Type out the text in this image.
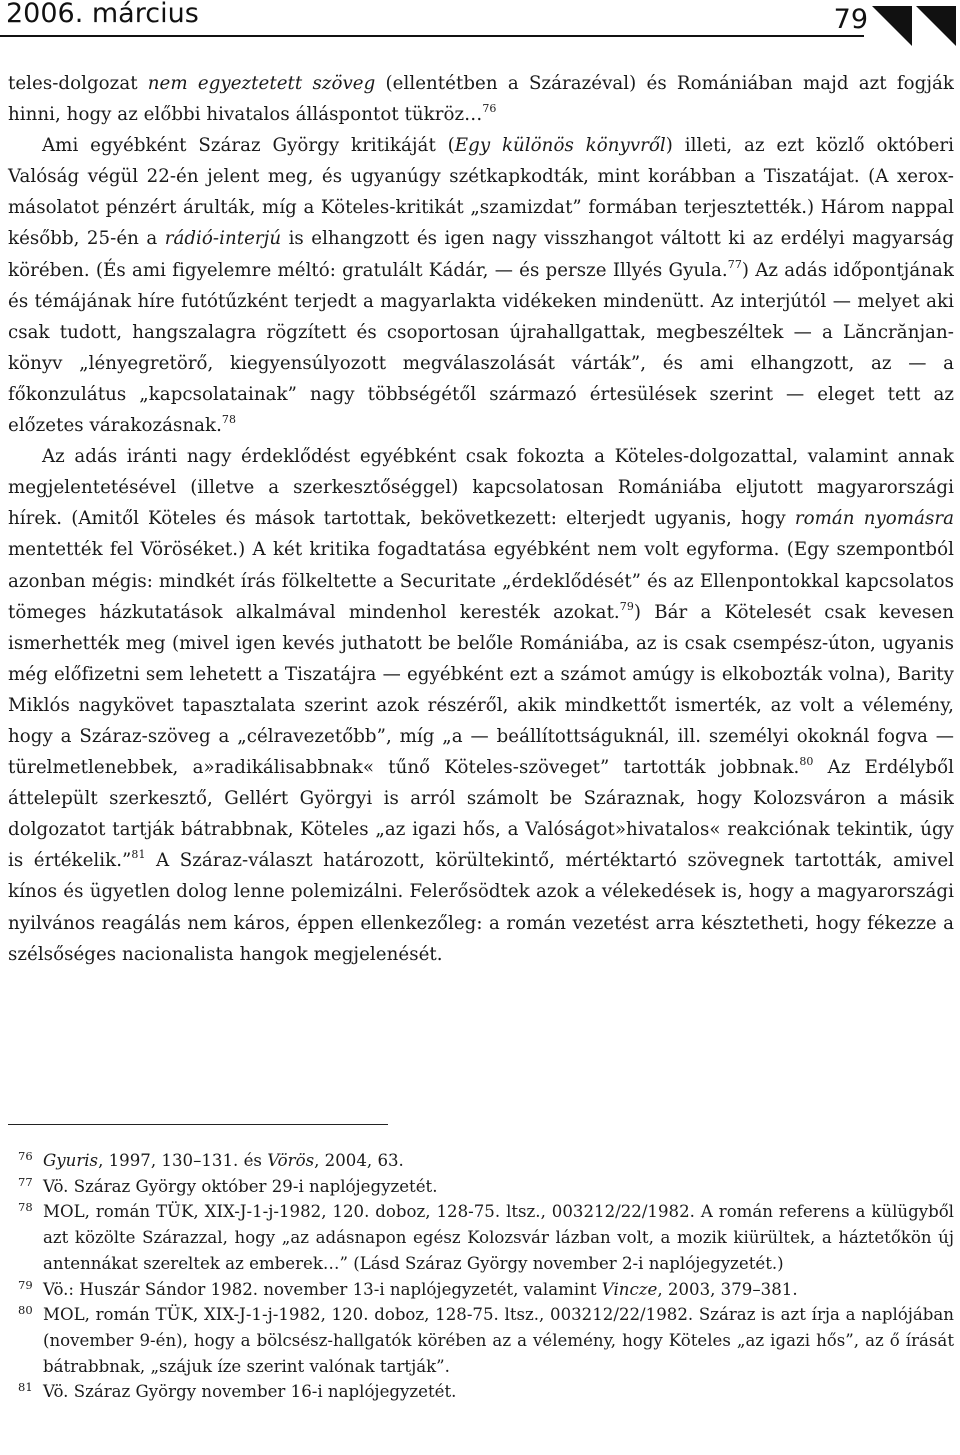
2006. március	79

teles-dolgozat nem egyeztetett szöveg (ellentétben a Szárazéval) és Romániában majd azt fogják hinni, hogy az előbbi hivatalos álláspontot tükröz…$^{76}$

Ami egyébként Száraz György kritikáját (Egy különös könyvről) illeti, az ezt közlő októberi Valóság végül 22-én jelent meg, és ugyanúgy szétkapkodták, mint korábban a Tiszatájat. (A xerox-másolatot pénzért árulták, míg a Köteles-kritikát „szamizdat” formában terjesztették.) Három nappal később, 25-én a rádió-interjú is elhangzott és igen nagy visszhangot váltott ki az erdélyi magyarság körében. (És ami figyelemre méltó: gratulált Kádár, — és persze Illyés Gyula.$^{77}$) Az adás időpontjának és témájának híre futótűzként terjedt a magyarlakta vidékeken mindenütt. Az interjútól — melyet aki csak tudott, hangszalagra rögzített és csoportosan újrahallgattak, megbeszéltek — a Lăncrănjan-könyv „lényegretörő, kiegyensúlyozott megválaszolását várták”, és ami elhangzott, az — a főkonzulátus „kapcsolatainak” nagy többségétől származó értesülések szerint — eleget tett az előzetes várakozásnak.$^{78}$

Az adás iránti nagy érdeklődést egyébként csak fokozta a Köteles-dolgozattal, valamint annak megjelentetésével (illetve a szerkesztőséggel) kapcsolatosan Romániába eljutott magyarországi hírek. (Amitől Köteles és mások tartottak, bekövetkezett: elterjedt ugyanis, hogy román nyomásra mentették fel Vöröséket.) A két kritika fogadtatása egyébként nem volt egyforma. (Egy szempontból azonban mégis: mindkét írás fölkeltette a Securitate „érdeklődését” és az Ellenpontokkal kapcsolatos tömeges házkutatások alkalmával mindenhol keresték azokat.$^{79}$) Bár a Kötelesét csak kevesen ismerhették meg (mivel igen kevés juthatott be belőle Romániába, az is csak csempész-úton, ugyanis még előfizetni sem lehetett a Tiszatájra — egyébként ezt a számot amúgy is elkobozták volna), Barity Miklós nagykövet tapasztalata szerint azok részéről, akik mindkettőt ismerték, az volt a vélemény, hogy a Száraz-szöveg a „célravezetőbb”, míg „a — beállítottságuknál, ill. személyi okoknál fogva — türelmetlenebbek, a»radikálisabbnak« tűnő Köteles-szöveget” tartották jobbnak.$^{80}$ Az Erdélyből áttelepült szerkesztő, Gellért Györgyi is arról számolt be Száraznak, hogy Kolozsváron a másik dolgozatot tartják bátrabbnak, Köteles „az igazi hős, a Valóságot»hivatalos« reakciónak tekintik, úgy is értékelik.”$^{81}$ A Száraz-választ határozott, körültekintő, mértéktartó szövegnek tartották, amivel kínos és ügyetlen dolog lenne polemizálni. Felerősödtek azok a vélekedések is, hogy a magyarországi nyilvános reagálás nem káros, éppen ellenkezőleg: a román vezetést arra késztetheti, hogy fékezze a szélsőséges nacionalista hangok megjelenését.

76 Gyuris, 1997, 130–131. és Vörös, 2004, 63.
77 Vö. Száraz György október 29-i naplójegyzetét.
78 MOL, román TÜK, XIX-J-1-j-1982, 120. doboz, 128-75. ltsz., 003212/22/1982. A román referens a külügyből azt közölte Szárazzal, hogy „az adásnapon egész Kolozsvár lázban volt, a mozik kiürültek, a háztetőkön új antennákat szereltek az emberek…” (Lásd Száraz György november 2-i naplójegyzetét.)
79 Vö.: Huszár Sándor 1982. november 13-i naplójegyzetét, valamint Vincze, 2003, 379–381.
80 MOL, román TÜK, XIX-J-1-j-1982, 120. doboz, 128-75. ltsz., 003212/22/1982. Száraz is azt írja a naplójában (november 9-én), hogy a bölcsész-hallgatók körében az a vélemény, hogy Köteles „az igazi hős”, az ő írását bátrabbnak, „szájuk íze szerint valónak tartják”.
81 Vö. Száraz György november 16-i naplójegyzetét.
